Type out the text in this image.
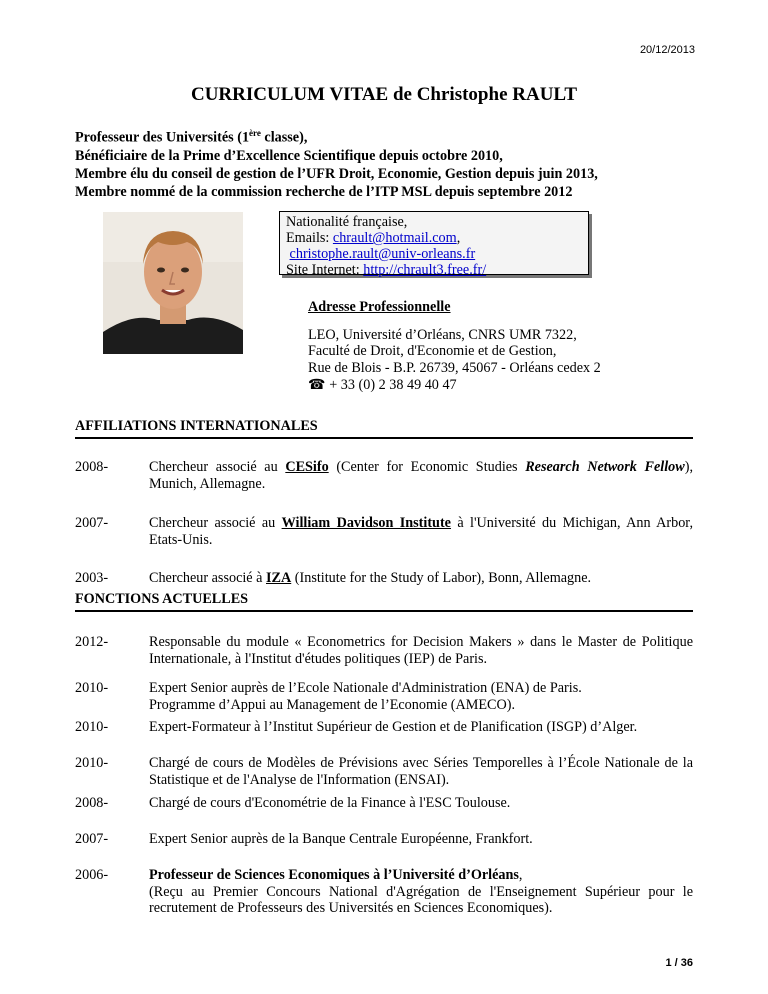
20/12/2013
CURRICULUM VITAE de Christophe RAULT
Professeur des Universités (1ère classe),
Bénéficiaire de la Prime d’Excellence Scientifique depuis octobre 2010,
Membre élu du conseil de gestion de l’UFR Droit, Economie, Gestion depuis juin 2013,
Membre nommé de la commission recherche de l’ITP MSL depuis septembre 2012
Nationalité française,
Emails: chrault@hotmail.com,
christophe.rault@univ-orleans.fr
Site Internet: http://chrault3.free.fr/
Adresse Professionnelle
LEO, Université d’Orléans, CNRS UMR 7322,
Faculté de Droit, d'Economie et de Gestion,
Rue de Blois - B.P. 26739, 45067 - Orléans cedex 2
☎ + 33 (0) 2 38 49 40 47
AFFILIATIONS INTERNATIONALES
2008-	Chercheur associé au CESifo (Center for Economic Studies Research Network Fellow), Munich, Allemagne.
2007-	Chercheur associé au William Davidson Institute à l'Université du Michigan, Ann Arbor, Etats-Unis.
2003-	Chercheur associé à IZA (Institute for the Study of Labor), Bonn, Allemagne.
FONCTIONS ACTUELLES
2012-	Responsable du module « Econometrics for Decision Makers » dans le Master de Politique Internationale, à l'Institut d'études politiques (IEP) de Paris.
2010-	Expert Senior auprès de l’Ecole Nationale d'Administration (ENA) de Paris.
Programme d’Appui au Management de l’Economie (AMECO).
2010-	Expert-Formateur à l’Institut Supérieur de Gestion et de Planification (ISGP) d’Alger.
2010-	Chargé de cours de Modèles de Prévisions avec Séries Temporelles à l’École Nationale de la Statistique et de l'Analyse de l'Information (ENSAI).
2008-	Chargé de cours d'Econométrie de la Finance à l'ESC Toulouse.
2007-	Expert Senior auprès de la Banque Centrale Européenne, Frankfort.
2006-	Professeur de Sciences Economiques à l’Université d’Orléans,
(Reçu au Premier Concours National d'Agrégation de l'Enseignement Supérieur pour le recrutement de Professeurs des Universités en Sciences Economiques).
1 / 36
